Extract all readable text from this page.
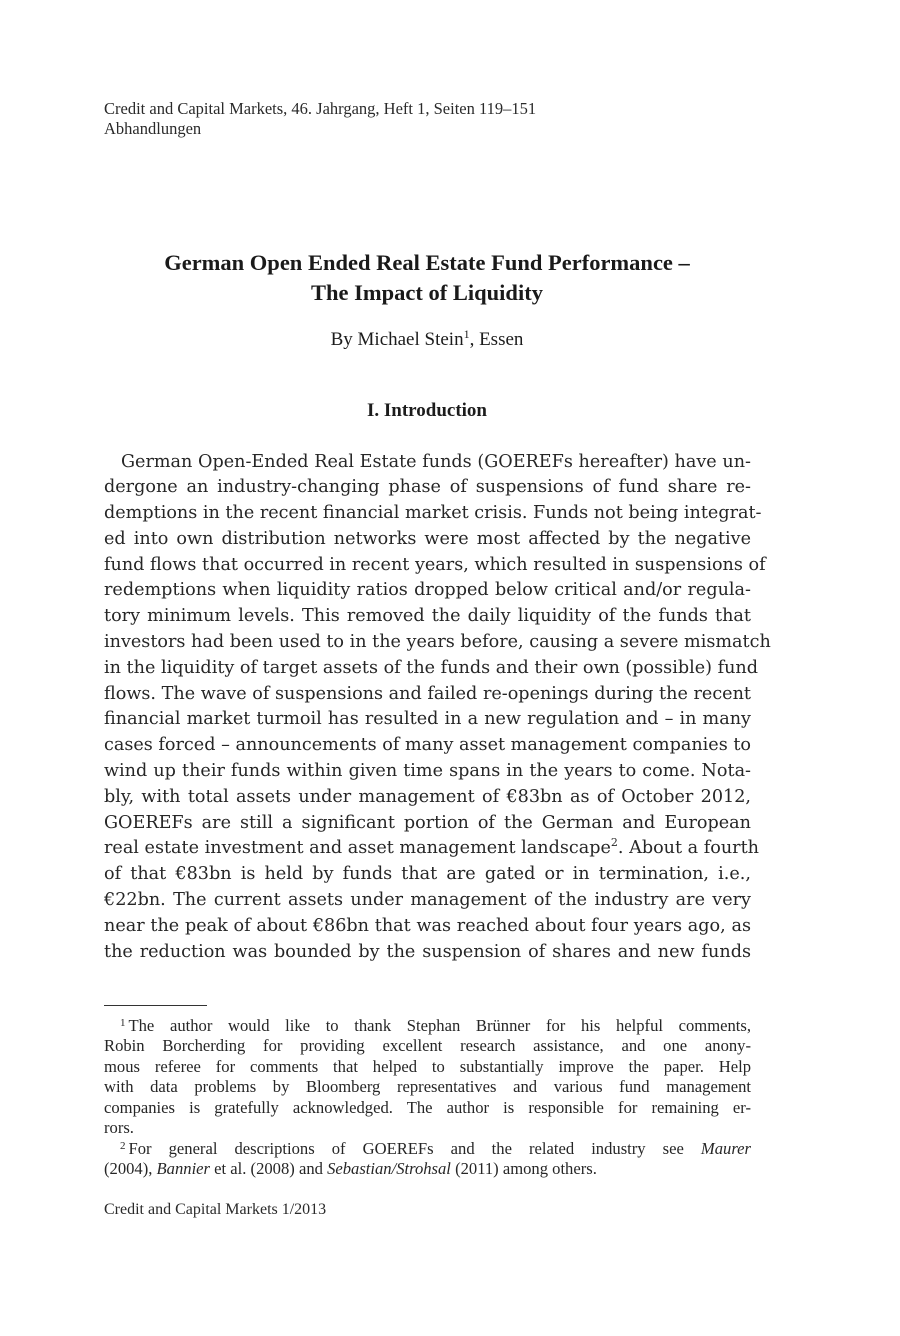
Credit and Capital Markets, 46. Jahrgang, Heft 1, Seiten 119–151
Abhandlungen
German Open Ended Real Estate Fund Performance –
The Impact of Liquidity
By Michael Stein$^1$, Essen
I. Introduction
German Open-Ended Real Estate funds (GOEREFs hereafter) have un-
dergone an industry-changing phase of suspensions of fund share re-
demptions in the recent financial market crisis. Funds not being integrat-
ed into own distribution networks were most affected by the negative
fund flows that occurred in recent years, which resulted in suspensions of
redemptions when liquidity ratios dropped below critical and/or regula-
tory minimum levels. This removed the daily liquidity of the funds that
investors had been used to in the years before, causing a severe mismatch
in the liquidity of target assets of the funds and their own (possible) fund
flows. The wave of suspensions and failed re-openings during the recent
financial market turmoil has resulted in a new regulation and – in many
cases forced – announcements of many asset management companies to
wind up their funds within given time spans in the years to come. Nota-
bly, with total assets under management of €83bn as of October 2012,
GOEREFs are still a significant portion of the German and European
real estate investment and asset management landscape$^2$. About a fourth
of that €83bn is held by funds that are gated or in termination, i.e.,
€22bn. The current assets under management of the industry are very
near the peak of about €86bn that was reached about four years ago, as
the reduction was bounded by the suspension of shares and new funds
$^1$ The author would like to thank Stephan Brünner for his helpful comments,
Robin Borcherding for providing excellent research assistance, and one anony-
mous referee for comments that helped to substantially improve the paper. Help
with data problems by Bloomberg representatives and various fund management
companies is gratefully acknowledged. The author is responsible for remaining er-
rors.
$^2$ For general descriptions of GOEREFs and the related industry see Maurer
(2004), Bannier et al. (2008) and Sebastian/Strohsal (2011) among others.
Credit and Capital Markets 1/2013
